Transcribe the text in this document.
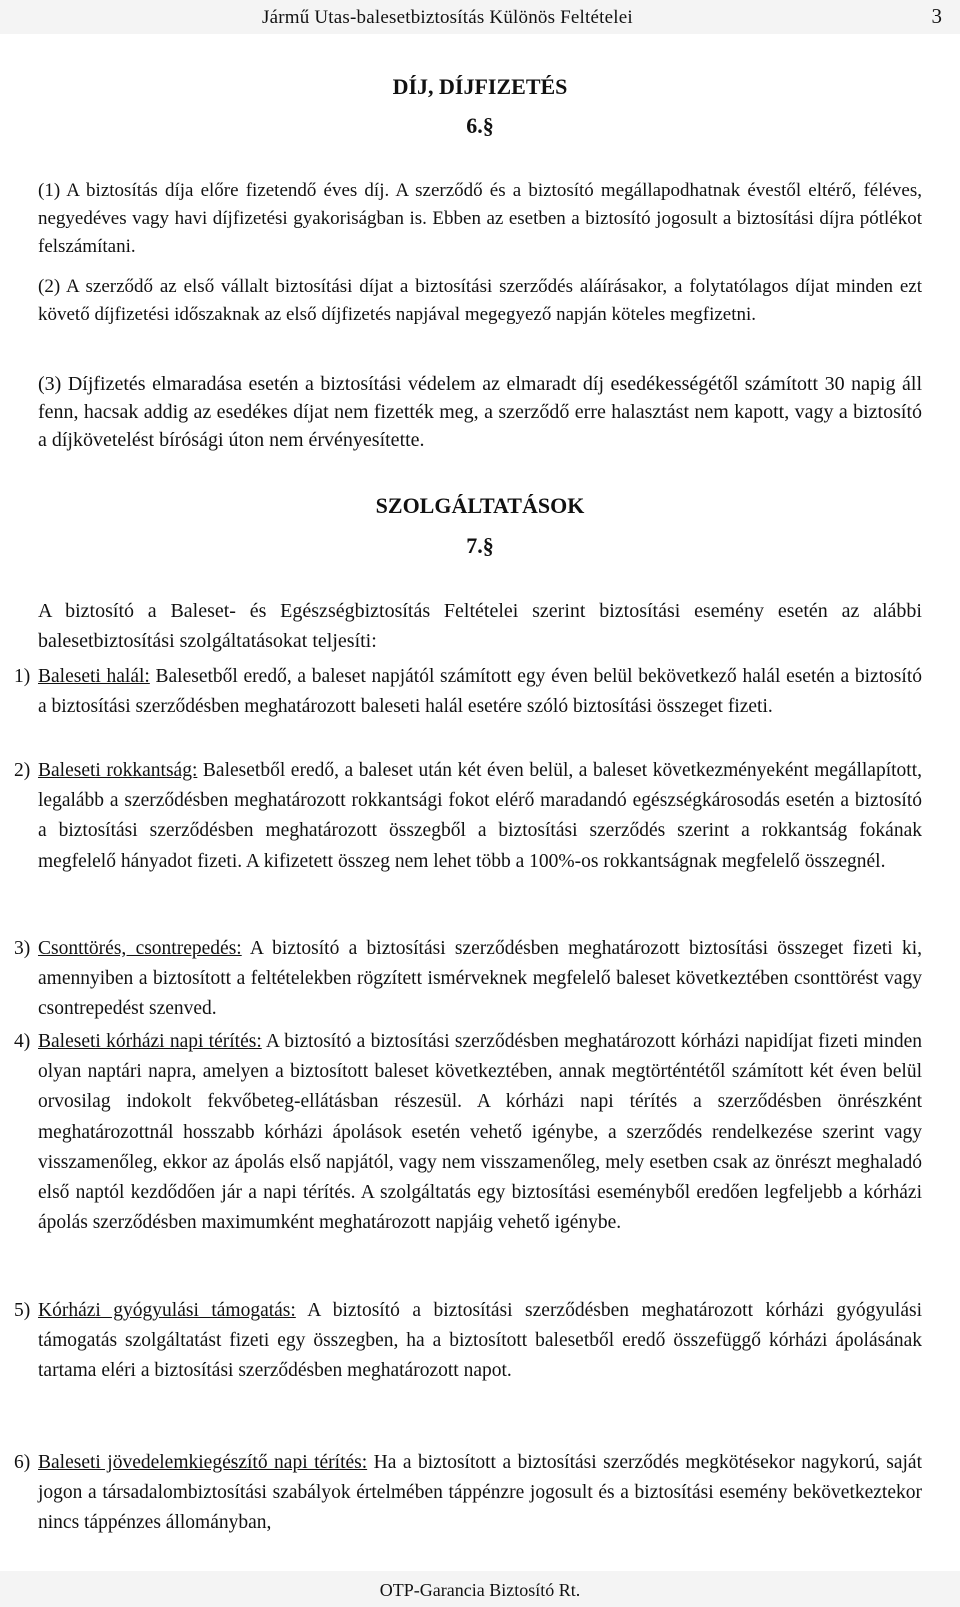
Jármű Utas-balesetbiztosítás Különös Feltételei	3
DÍJ, DÍJFIZETÉS
6.§
(1) A biztosítás díja előre fizetendő éves díj. A szerződő és a biztosító megállapodhatnak évestől eltérő, féléves, negyedéves vagy havi díjfizetési gyakoriságban is. Ebben az esetben a biztosító jogosult a biztosítási díjra pótlékot felszámítani.
(2) A szerződő az első vállalt biztosítási díjat a biztosítási szerződés aláírásakor, a folytatólagos díjat minden ezt követő díjfizetési időszaknak az első díjfizetés napjával megegyező napján köteles megfizetni.
(3) Díjfizetés elmaradása esetén a biztosítási védelem az elmaradt díj esedékességétől számított 30 napig áll fenn, hacsak addig az esedékes díjat nem fizették meg, a szerződő erre halasztást nem kapott, vagy a biztosító a díjkövetelést bírósági úton nem érvényesítette.
SZOLGÁLTATÁSOK
7.§
A biztosító a Baleset- és Egészségbiztosítás Feltételei szerint biztosítási esemény esetén az alábbi balesetbiztosítási szolgáltatásokat teljesíti:
1) Baleseti halál: Balesetből eredő, a baleset napjától számított egy éven belül bekövetkező halál esetén a biztosító a biztosítási szerződésben meghatározott baleseti halál esetére szóló biztosítási összeget fizeti.
2) Baleseti rokkantság: Balesetből eredő, a baleset után két éven belül, a baleset következményeként megállapított, legalább a szerződésben meghatározott rokkantsági fokot elérő maradandó egészségkárosodás esetén a biztosító a biztosítási szerződésben meghatározott összegből a biztosítási szerződés szerint a rokkantság fokának megfelelő hányadot fizeti. A kifizetett összeg nem lehet több a 100%-os rokkantságnak megfelelő összegnél.
3) Csonttörés, csontrepedés: A biztosító a biztosítási szerződésben meghatározott biztosítási összeget fizeti ki, amennyiben a biztosított a feltételekben rögzített ismérveknek megfelelő baleset következtében csonttörést vagy csontrepedést szenved.
4) Baleseti kórházi napi térítés: A biztosító a biztosítási szerződésben meghatározott kórházi napidíjat fizeti minden olyan naptári napra, amelyen a biztosított baleset következtében, annak megtörténtétől számított két éven belül orvosilag indokolt fekvőbeteg-ellátásban részesül. A kórházi napi térítés a szerződésben önrészként meghatározottnál hosszabb kórházi ápolások esetén vehető igénybe, a szerződés rendelkezése szerint vagy visszamenőleg, ekkor az ápolás első napjától, vagy nem visszamenőleg, mely esetben csak az önrészt meghaladó első naptól kezdődően jár a napi térítés. A szolgáltatás egy biztosítási eseményből eredően legfeljebb a kórházi ápolás szerződésben maximumként meghatározott napjáig vehető igénybe.
5) Kórházi gyógyulási támogatás: A biztosító a biztosítási szerződésben meghatározott kórházi gyógyulási támogatás szolgáltatást fizeti egy összegben, ha a biztosított balesetből eredő összefüggő kórházi ápolásának tartama eléri a biztosítási szerződésben meghatározott napot.
6) Baleseti jövedelemkiegészítő napi térítés: Ha a biztosított a biztosítási szerződés megkötésekor nagykorú, saját jogon a társadalombiztosítási szabályok értelmében táppénzre jogosult és a biztosítási esemény bekövetkeztekor nincs táppénzes állományban,
OTP-Garancia Biztosító Rt.
